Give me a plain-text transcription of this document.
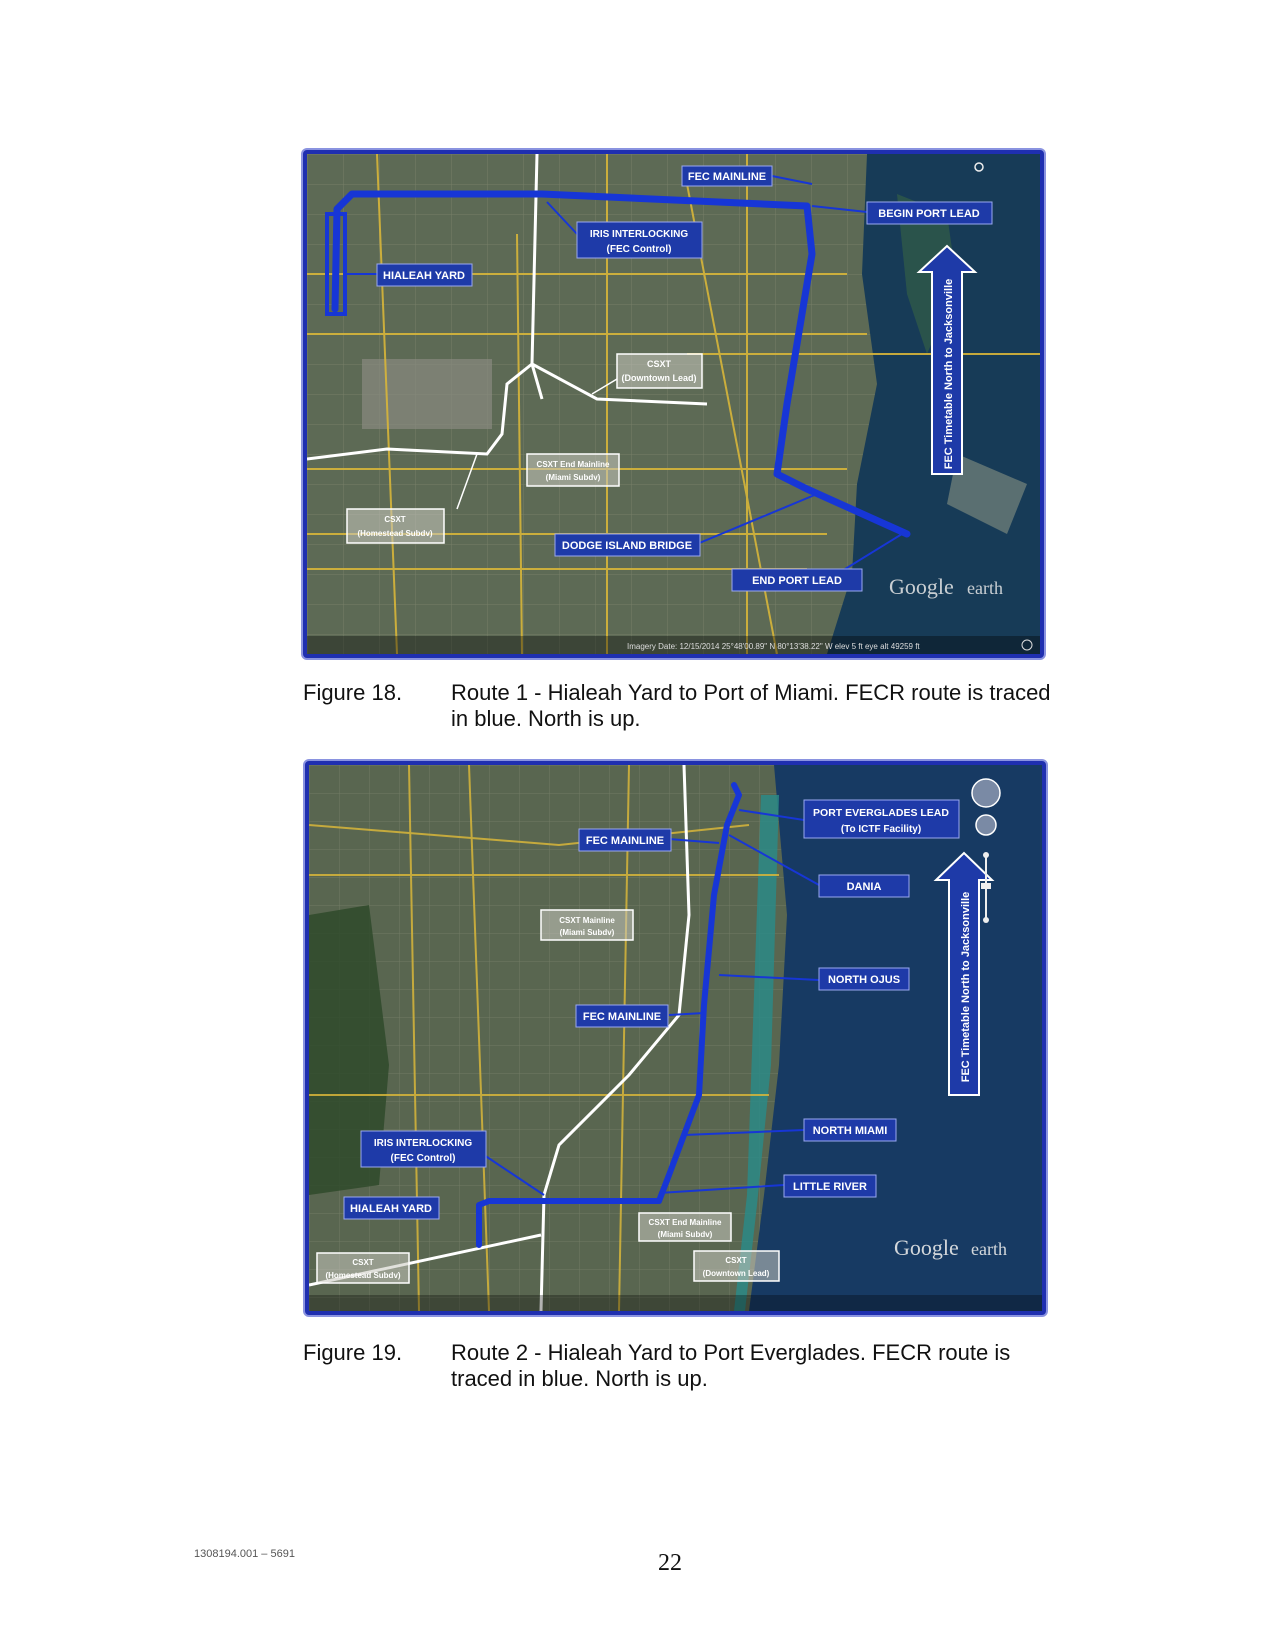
FEC MAINLINE
BEGIN PORT LEAD
IRIS INTERLOCKING
(FEC Control)
HIALEAH YARD
CSXT
(Downtown Lead)
CSXT End Mainline
(Miami Subdv)
CSXT
(Homestead Subdv)
DODGE ISLAND BRIDGE
END PORT LEAD
FEC Timetable North to Jacksonville
Google earth
Imagery Date: 12/15/2014 25°48'00.89" N 80°13'38.22" W elev 5 ft eye alt 49259 ft
Figure 18. Route 1 - Hialeah Yard to Port of Miami. FECR route is traced in blue. North is up.
PORT EVERGLADES LEAD
(To ICTF Facility)
FEC MAINLINE
DANIA
CSXT Mainline
(Miami Subdv)
NORTH OJUS
FEC MAINLINE
NORTH MIAMI
IRIS INTERLOCKING
(FEC Control)
LITTLE RIVER
HIALEAH YARD
CSXT End Mainline
(Miami Subdv)
CSXT
(Homestead Subdv)
CSXT
(Downtown Lead)
FEC Timetable North to Jacksonville
Google earth
Figure 19. Route 2 - Hialeah Yard to Port Everglades. FECR route is traced in blue. North is up.
1308194.001 – 5691	22
